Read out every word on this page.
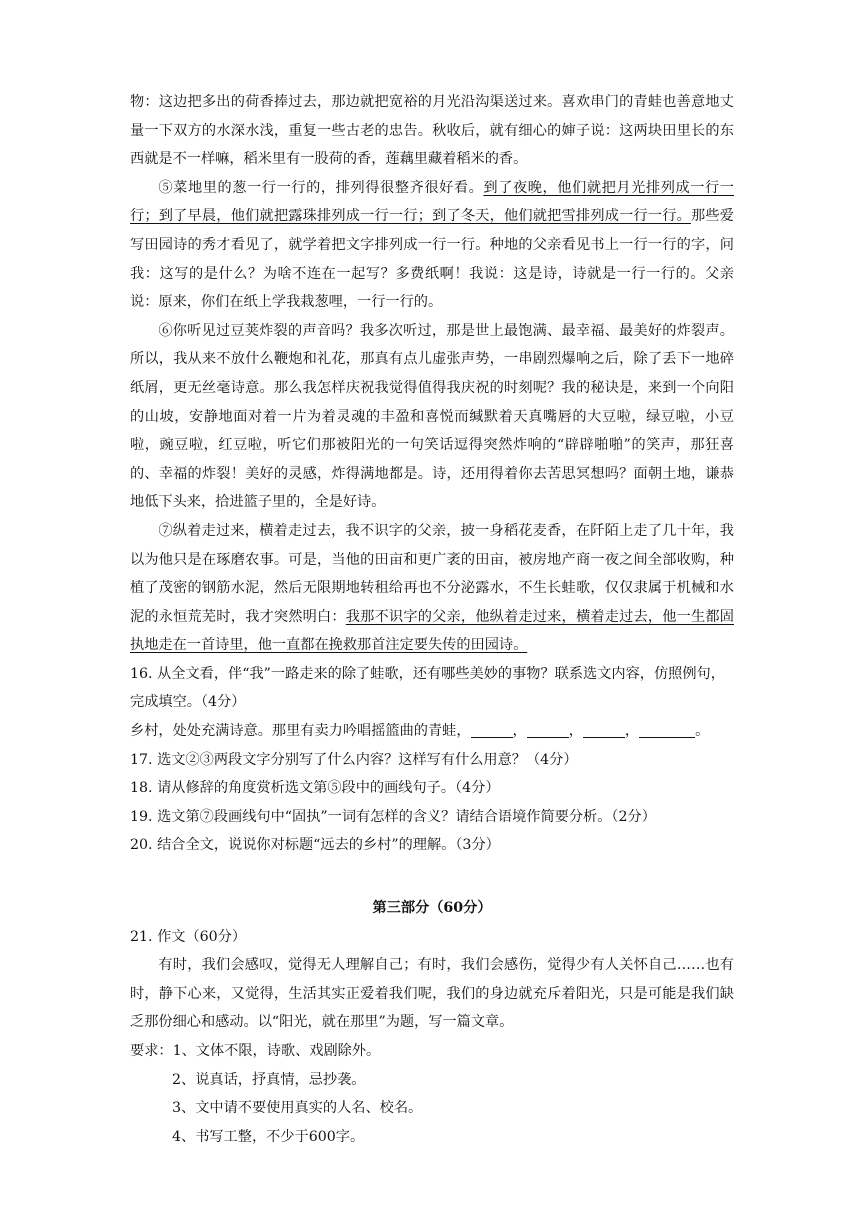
物：这边把多出的荷香捧过去，那边就把宽裕的月光沿沟渠送过来。喜欢串门的青蛙也善意地丈量一下双方的水深水浅，重复一些古老的忠告。秋收后，就有细心的婶子说：这两块田里长的东西就是不一样嘛，稻米里有一股荷的香，莲藕里藏着稻米的香。

⑤菜地里的葱一行一行的，排列得很整齐很好看。到了夜晚，他们就把月光排列成一行一行；到了早晨，他们就把露珠排列成一行一行；到了冬天，他们就把雪排列成一行一行。那些爱写田园诗的秀才看见了，就学着把文字排列成一行一行。种地的父亲看见书上一行一行的字，问我：这写的是什么？为啥不连在一起写？多费纸啊！我说：这是诗，诗就是一行一行的。父亲说：原来，你们在纸上学我栽葱哩，一行一行的。

⑥你听见过豆荚炸裂的声音吗？我多次听过，那是世上最饱满、最幸福、最美好的炸裂声。所以，我从来不放什么鞭炮和礼花，那真有点儿虚张声势，一串剧烈爆响之后，除了丢下一地碎纸屑，更无丝毫诗意。那么我怎样庆祝我觉得值得我庆祝的时刻呢？我的秘诀是，来到一个向阳的山坡，安静地面对着一片为着灵魂的丰盈和喜悦而缄默着天真嘴唇的大豆啦，绿豆啦，小豆啦，豌豆啦，红豆啦，听它们那被阳光的一句笑话逗得突然炸响的“辟辟啪啪”的笑声，那狂喜的、幸福的炸裂！美好的灵感，炸得满地都是。诗，还用得着你去苦思冥想吗？面朝土地，谦恭地低下头来，拾进篮子里的，全是好诗。

⑦纵着走过来，横着走过去，我不识字的父亲，披一身稻花麦香，在阡陌上走了几十年，我以为他只是在琢磨农事。可是，当他的田亩和更广袤的田亩，被房地产商一夜之间全部收购，种植了茂密的钢筋水泥，然后无限期地转租给再也不分泌露水，不生长蛙歌，仅仅隶属于机械和水泥的永恒荒芜时，我才突然明白：我那不识字的父亲，他纵着走过来，横着走过去，他一生都固执地走在一首诗里，他一直都在挽救那首注定要失传的田园诗。

16. 从全文看，伴“我”一路走来的除了蛙歌，还有哪些美妙的事物？联系选文内容，仿照例句，完成填空。（4分）

乡村，处处充满诗意。那里有卖力吟唱摇篮曲的青蛙，	，	，	，	。

17. 选文②③两段文字分别写了什么内容？这样写有什么用意？（4分）

18. 请从修辞的角度赏析选文第⑤段中的画线句子。（4分）

19. 选文第⑦段画线句中“固执”一词有怎样的含义？请结合语境作简要分析。（2分）

20. 结合全文，说说你对标题“远去的乡村”的理解。（3分）

第三部分（60分）

21. 作文（60分）

有时，我们会感叹，觉得无人理解自己；有时，我们会感伤，觉得少有人关怀自己……也有时，静下心来，又觉得，生活其实正爱着我们呢，我们的身边就充斥着阳光，只是可能是我们缺乏那份细心和感动。以“阳光，就在那里”为题，写一篇文章。

要求：1、文体不限，诗歌、戏剧除外。

2、说真话，抒真情，忌抄袭。

3、文中请不要使用真实的人名、校名。

4、书写工整，不少于600字。
